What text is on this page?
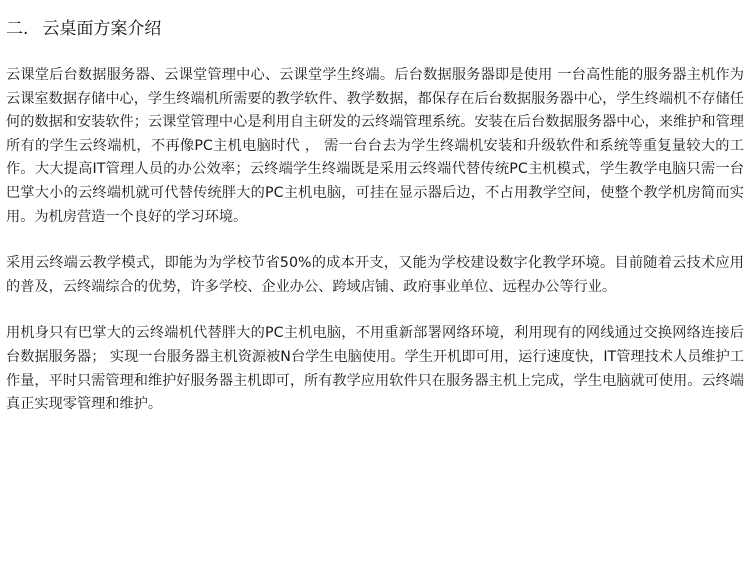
二. 云桌面方案介绍

云课堂后台数据服务器、云课堂管理中心、云课堂学生终端。后台数据服务器即是使用 一台高性能的服务器主机作为云课室数据存储中心，学生终端机所需要的教学软件、教学数据，都保存在后台数据服务器中心，学生终端机不存储任何的数据和安装软件；云课堂管理中心是利用自主研发的云终端管理系统。安装在后台数据服务器中心，来维护和管理所有的学生云终端机，不再像PC主机电脑时代 ， 需一台台去为学生终端机安装和升级软件和系统等重复量较大的工作。大大提高IT管理人员的办公效率；云终端学生终端既是采用云终端代替传统PC主机模式，学生教学电脑只需一台巴掌大小的云终端机就可代替传统胖大的PC主机电脑，可挂在显示器后边，不占用教学空间，使整个教学机房简而实用。为机房营造一个良好的学习环境。

采用云终端云教学模式，即能为为学校节省50%的成本开支，又能为学校建设数字化教学环境。目前随着云技术应用的普及，云终端综合的优势，许多学校、企业办公、跨域店铺、政府事业单位、远程办公等行业。

用机身只有巴掌大的云终端机代替胖大的PC主机电脑，不用重新部署网络环境，利用现有的网线通过交换网络连接后台数据服务器； 实现一台服务器主机资源被N台学生电脑使用。学生开机即可用，运行速度快，IT管理技术人员维护工作量，平时只需管理和维护好服务器主机即可，所有教学应用软件只在服务器主机上完成，学生电脑就可使用。云终端真正实现零管理和维护。
